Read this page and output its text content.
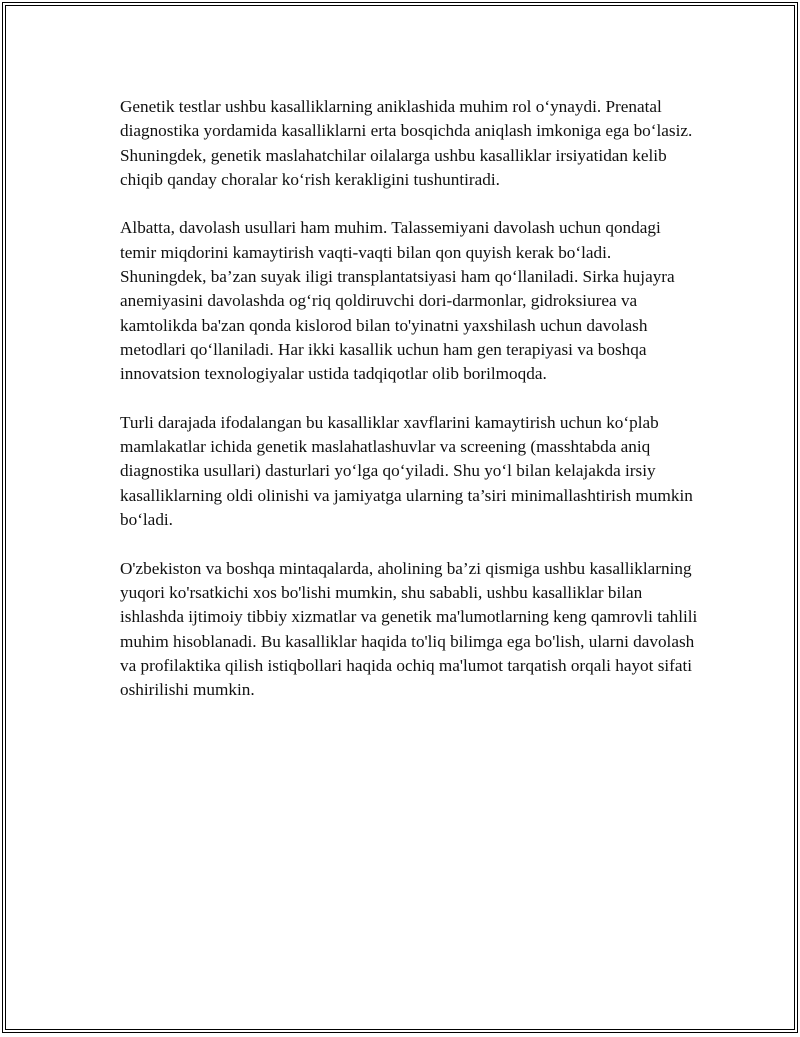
Genetik testlar ushbu kasalliklarning aniklashida muhim rol o‘ynaydi. Prenatal diagnostika yordamida kasalliklarni erta bosqichda aniqlash imkoniga ega bo‘lasiz. Shuningdek, genetik maslahatchilar oilalarga ushbu kasalliklar irsiyatidan kelib chiqib qanday choralar ko‘rish kerakligini tushuntiradi.

Albatta, davolash usullari ham muhim. Talassemiyani davolash uchun qondagi temir miqdorini kamaytirish vaqti-vaqti bilan qon quyish kerak bo‘ladi. Shuningdek, ba’zan suyak iligi transplantatsiyasi ham qo‘llaniladi. Sirka hujayra anemiyasini davolashda og‘riq qoldiruvchi dori-darmonlar, gidroksiurea va kamtolikda ba'zan qonda kislorod bilan to'yinatni yaxshilash uchun davolash metodlari qo‘llaniladi. Har ikki kasallik uchun ham gen terapiyasi va boshqa innovatsion texnologiyalar ustida tadqiqotlar olib borilmoqda.

Turli darajada ifodalangan bu kasalliklar xavflarini kamaytirish uchun ko‘plab mamlakatlar ichida genetik maslahatlashuvlar va screening (masshtabda aniq diagnostika usullari) dasturlari yo‘lga qo‘yiladi. Shu yo‘l bilan kelajakda irsiy kasalliklarning oldi olinishi va jamiyatga ularning ta’siri minimallashtirish mumkin bo‘ladi.

O'zbekiston va boshqa mintaqalarda, aholining ba’zi qismiga ushbu kasalliklarning yuqori ko'rsatkichi xos bo'lishi mumkin, shu sababli, ushbu kasalliklar bilan ishlashda ijtimoiy tibbiy xizmatlar va genetik ma'lumotlarning keng qamrovli tahlili muhim hisoblanadi. Bu kasalliklar haqida to'liq bilimga ega bo'lish, ularni davolash va profilaktika qilish istiqbollari haqida ochiq ma'lumot tarqatish orqali hayot sifati oshirilishi mumkin.
